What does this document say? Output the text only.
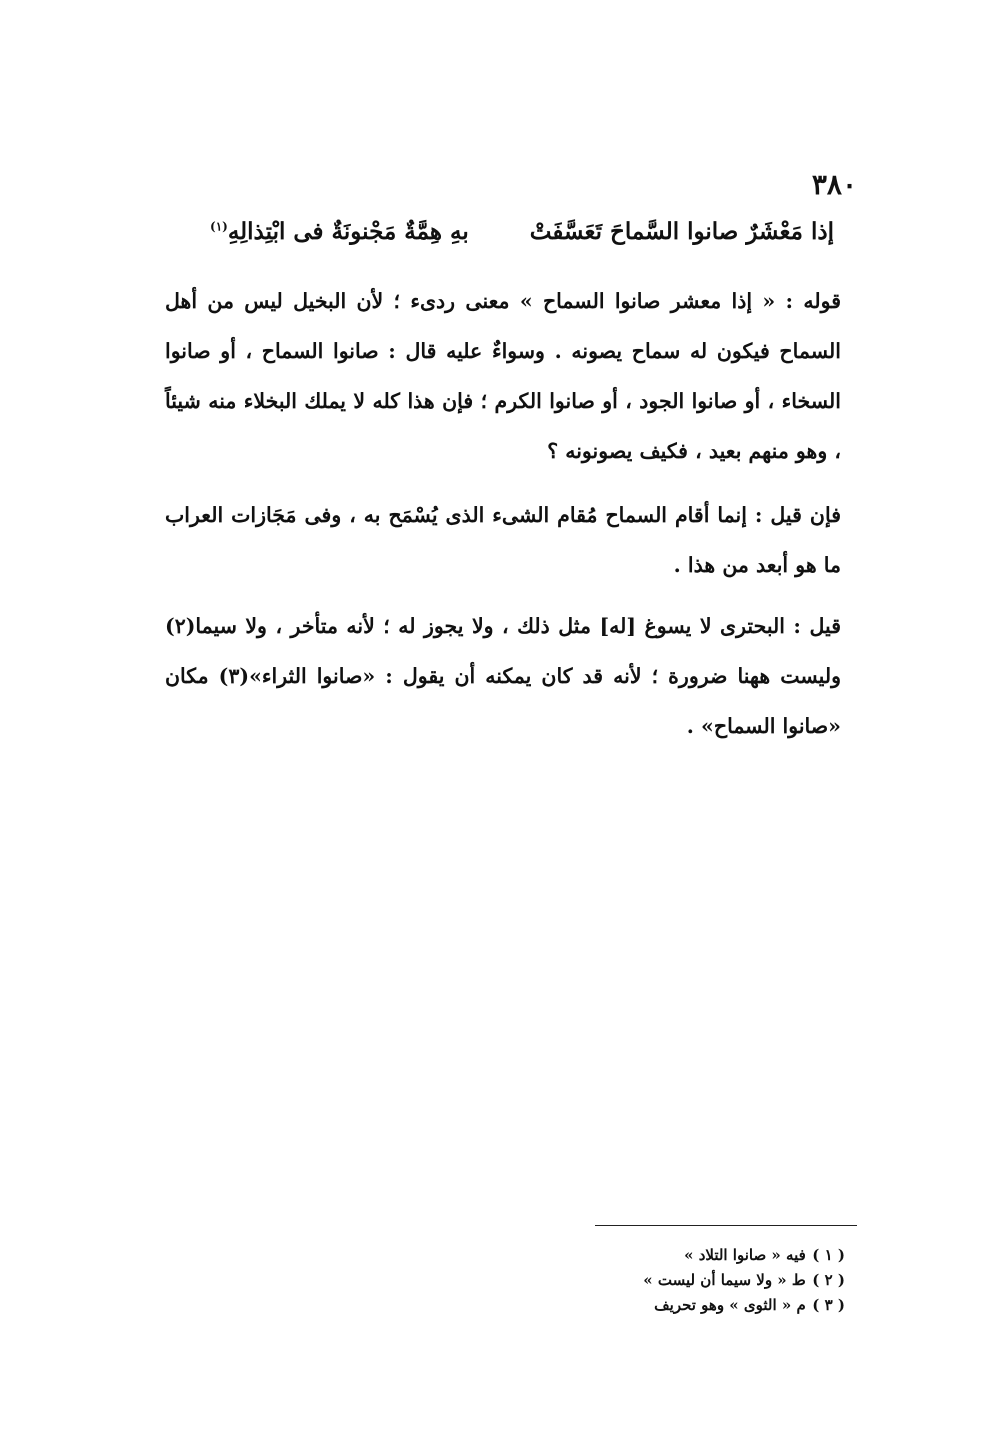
٣٨٠
إذا مَعْشَرٌ صانوا السَّماحَ تَعَسَّفَتْ
بهِ هِمَّةٌ مَجْنونَةٌ فى ابْتِذالِهِ$^{(١)}$
قوله : « إذا معشر صانوا السماح » معنى ردىء ؛ لأن البخيل ليس من أهل السماح فيكون له سماح يصونه . وسواءٌ عليه قال : صانوا السماح ، أو صانوا السخاء ، أو صانوا الجود ، أو صانوا الكرم ؛ فإن هذا كله لا يملك البخلاء منه شيئاً ، وهو منهم بعيد ، فكيف يصونونه ؟
فإن قيل : إنما أقام السماح مُقام الشىء الذى يُسْمَح به ، وفى مَجَازات العراب ما هو أبعد من هذا .
قيل : البحترى لا يسوغ [له] مثل ذلك ، ولا يجوز له ؛ لأنه متأخر ، ولا سيما(٢) وليست ههنا ضرورة ؛ لأنه قد كان يمكنه أن يقول : «صانوا الثراء»(٣) مكان «صانوا السماح» .
( ١ ) فيه « صانوا التلاد »
( ٢ ) ط « ولا سيما أن ليست »
( ٣ ) م « الثوى » وهو تحريف
